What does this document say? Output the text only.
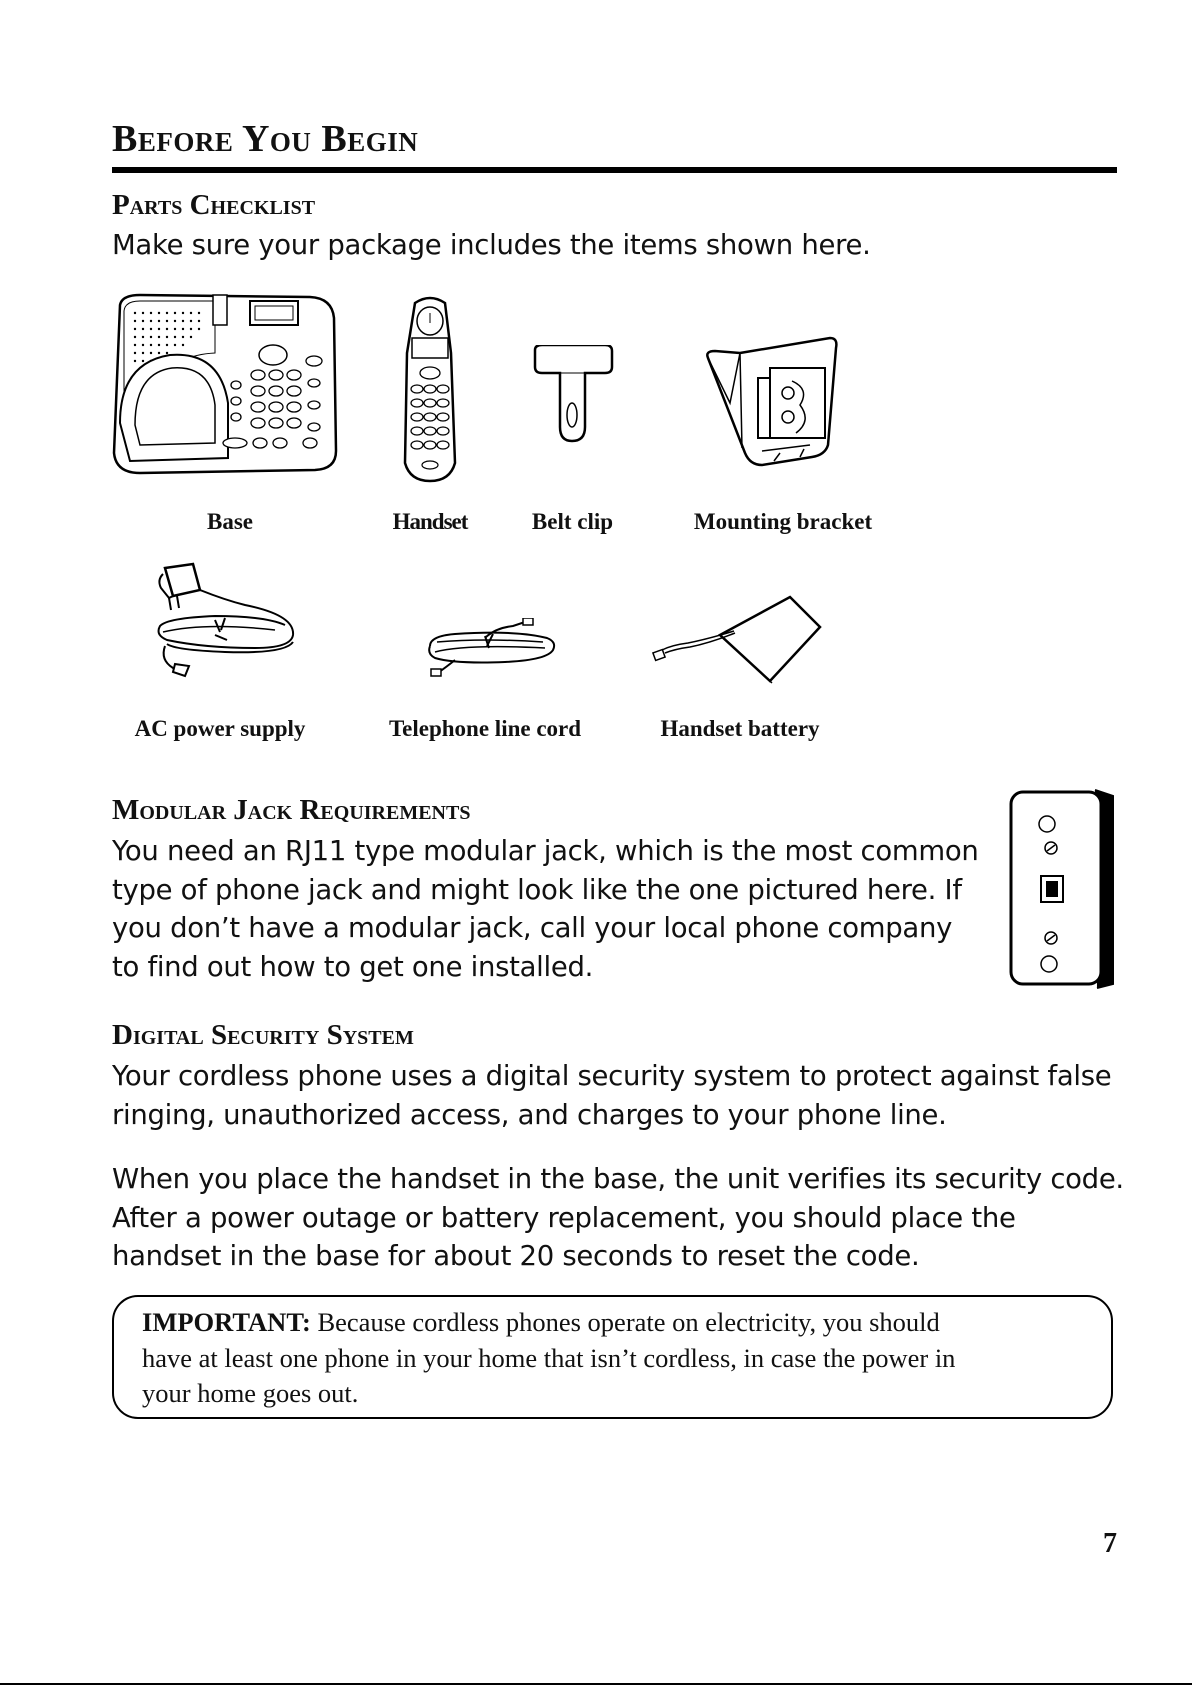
Before You Begin
Parts Checklist
Make sure your package includes the items shown here.
Base	Handset	Belt clip	Mounting bracket
AC power supply	Telephone line cord	Handset battery
Modular Jack Requirements
You need an RJ11 type modular jack, which is the most common
type of phone jack and might look like the one pictured here. If
you don’t have a modular jack, call your local phone company
to find out how to get one installed.
Digital Security System
Your cordless phone uses a digital security system to protect against false
ringing, unauthorized access, and charges to your phone line.
When you place the handset in the base, the unit verifies its security code.
After a power outage or battery replacement, you should place the
handset in the base for about 20 seconds to reset the code.
IMPORTANT: Because cordless phones operate on electricity, you should
have at least one phone in your home that isn’t cordless, in case the power in
your home goes out.
7
